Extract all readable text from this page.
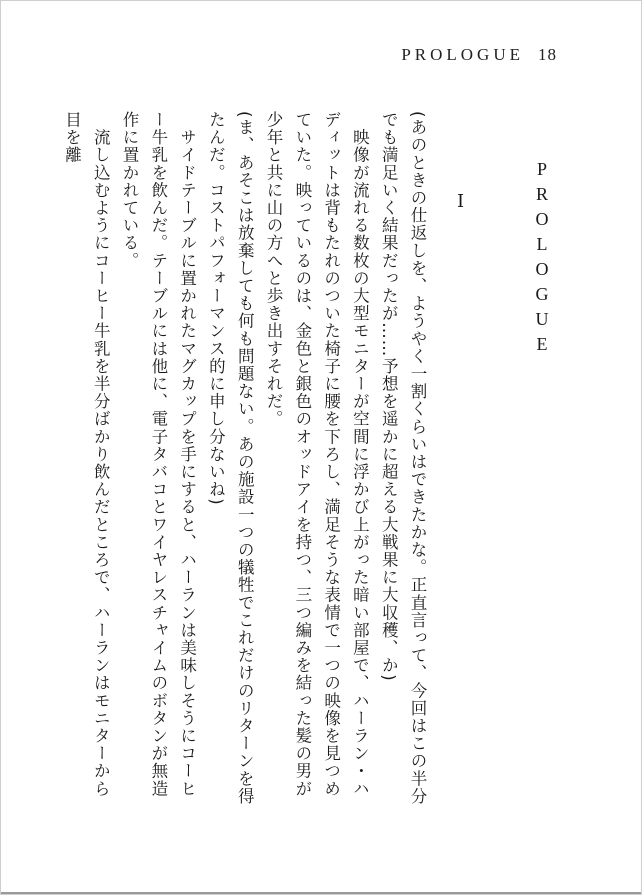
PROLOGUE 18
PROLOGUE
Ⅰ

(あのときの仕返しを、ようやく一割くらいはできたかな。正直言って、今回はこの半分でも満足いく結果だったが……予想を遥かに超える大戦果に大収穫、か)

　映像が流れる数枚の大型モニターが空間に浮かび上がった暗い部屋で、ハーラン・ハディットは背もたれのついた椅子に腰を下ろし、満足そうな表情で一つの映像を見つめていた。映っているのは、金色と銀色のオッドアイを持つ、三つ編みを結った髪の男が少年と共に山の方へと歩き出すそれだ。

(ま、あそこは放棄しても何も問題ない。あの施設一つの犠牲でこれだけのリターンを得たんだ。コストパフォーマンス的に申し分ないね)

　サイドテーブルに置かれたマグカップを手にすると、ハーランは美味しそうにコーヒー牛乳を飲んだ。テーブルには他に、電子タバコとワイヤレスチャイムのボタンが無造作に置かれている。

　流し込むようにコーヒー牛乳を半分ばかり飲んだところで、ハーランはモニターから目を離
